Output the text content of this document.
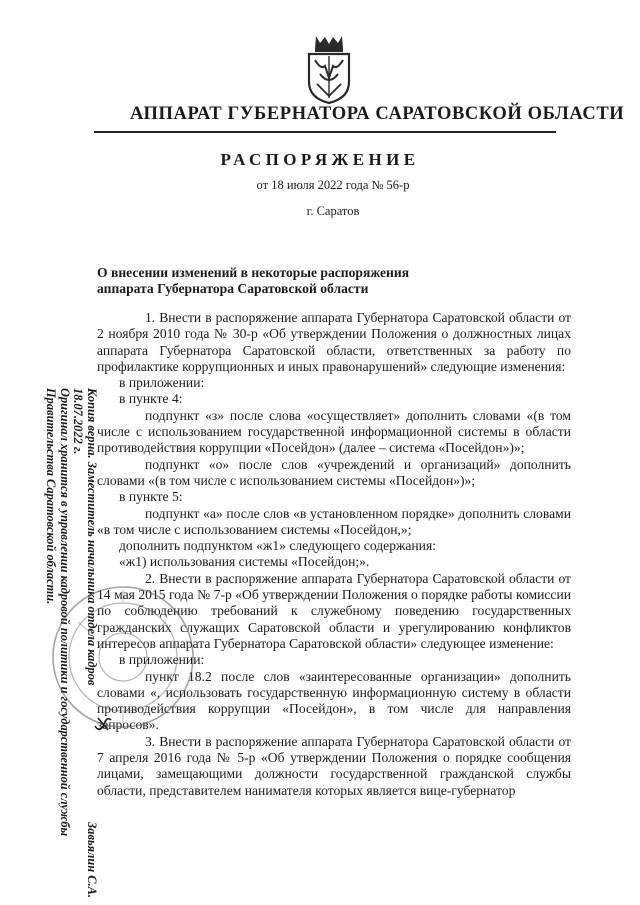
АППАРАТ ГУБЕРНАТОРА САРАТОВСКОЙ ОБЛАСТИ
РАСПОРЯЖЕНИЕ
от 18 июля 2022 года № 56-р
г. Саратов
О внесении изменений в некоторые распоряжения
аппарата Губернатора Саратовской области

1. Внести в распоряжение аппарата Губернатора Саратовской области от 2 ноября 2010 года № 30-р «Об утверждении Положения о должностных лицах аппарата Губернатора Саратовской области, ответственных за работу по профилактике коррупционных и иных правонарушений» следующие изменения:

в приложении:

в пункте 4:

подпункт «з» после слова «осуществляет» дополнить словами «(в том числе с использованием государственной информационной системы в области противодействия коррупции «Посейдон» (далее – система «Посейдон»)»;

подпункт «о» после слов «учреждений и организаций» дополнить словами «(в том числе с использованием системы «Посейдон»)»;

в пункте 5:

подпункт «а» после слов «в установленном порядке» дополнить словами «в том числе с использованием системы «Посейдон,»;

дополнить подпунктом «ж1» следующего содержания:

«ж1) использования системы «Посейдон;».

2. Внести в распоряжение аппарата Губернатора Саратовской области от 14 мая 2015 года № 7-р «Об утверждении Положения о порядке работы комиссии по соблюдению требований к служебному поведению государственных гражданских служащих Саратовской области и урегулированию конфликтов интересов аппарата Губернатора Саратовской области» следующее изменение:

в приложении:

пункт 18.2 после слов «заинтересованные организации» дополнить словами «, использовать государственную информационную систему в области противодействия коррупции «Посейдон», в том числе для направления запросов».

3. Внести в распоряжение аппарата Губернатора Саратовской области от 7 апреля 2016 года № 5-р «Об утверждении Положения о порядке сообщения лицами, замещающими должности государственной гражданской службы области, представителем нанимателя которых является вице-губернатор

Копия верна. Заместитель начальника отдела кадров
18.07.2022 г.
Оригинал хранится в управлении кадровой политики и государственной службы
Правительства Саратовской области.
Завьялин С.А.
